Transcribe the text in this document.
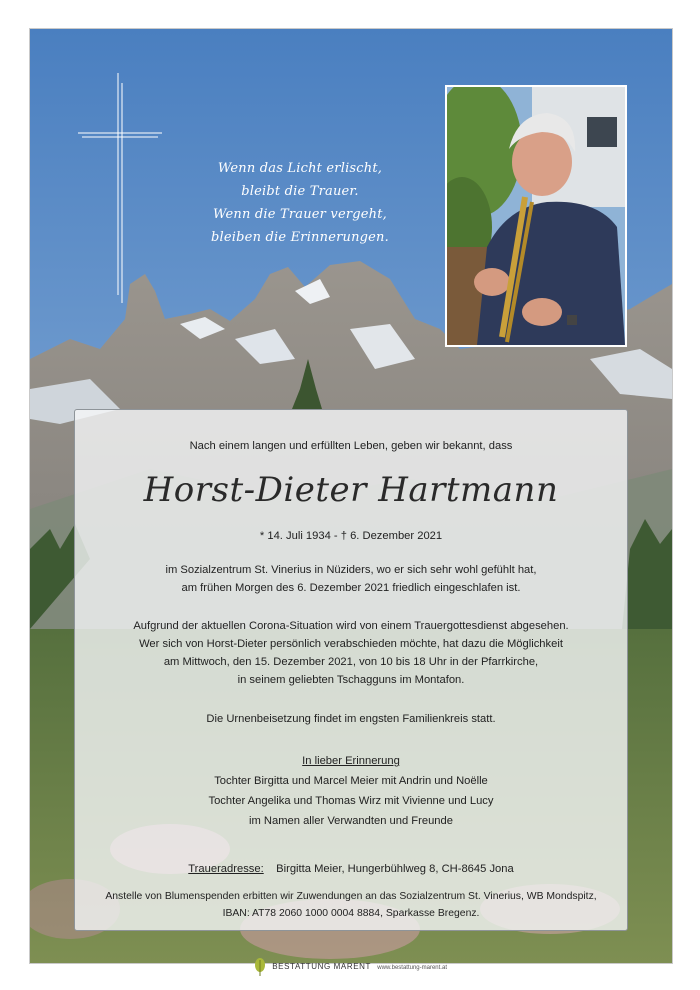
Wenn das Licht erlischt,
bleibt die Trauer.
Wenn die Trauer vergeht,
bleiben die Erinnerungen.
Nach einem langen und erfüllten Leben, geben wir bekannt, dass
Horst-Dieter Hartmann
* 14. Juli 1934 - † 6. Dezember 2021
im Sozialzentrum St. Vinerius in Nüziders, wo er sich sehr wohl gefühlt hat,
am frühen Morgen des 6. Dezember 2021 friedlich eingeschlafen ist.
Aufgrund der aktuellen Corona-Situation wird von einem Trauergottesdienst abgesehen.
Wer sich von Horst-Dieter persönlich verabschieden möchte, hat dazu die Möglichkeit
am Mittwoch, den 15. Dezember 2021, von 10 bis 18 Uhr in der Pfarrkirche,
in seinem geliebten Tschagguns im Montafon.
Die Urnenbeisetzung findet im engsten Familienkreis statt.
In lieber Erinnerung
Tochter Birgitta und Marcel Meier mit Andrin und Noëlle
Tochter Angelika und Thomas Wirz mit Vivienne und Lucy
im Namen aller Verwandten und Freunde
Traueradresse: Birgitta Meier, Hungerbühlweg 8, CH-8645 Jona
Anstelle von Blumenspenden erbitten wir Zuwendungen an das Sozialzentrum St. Vinerius, WB Mondspitz,
IBAN: AT78 2060 1000 0004 8884, Sparkasse Bregenz.
BESTATTUNG MARENT www.bestattung-marent.at
